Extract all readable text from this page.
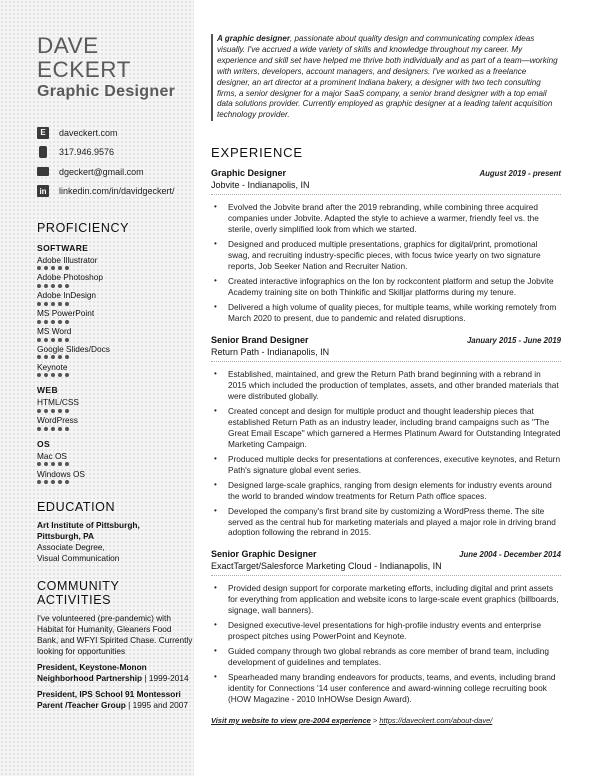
DAVE ECKERT
Graphic Designer
E	daveckert.com
317.946.9576
dgeckert@gmail.com
in linkedin.com/in/davidgeckert/
PROFICIENCY
SOFTWARE
Adobe Illustrator
Adobe Photoshop
Adobe InDesign
MS PowerPoint
MS Word
Google Slides/Docs
Keynote
WEB
HTML/CSS
WordPress
OS
Mac OS
Windows OS
EDUCATION
Art Institute of Pittsburgh,
Pittsburgh, PA
Associate Degree,
Visual Communication
COMMUNITY ACTIVITIES
I've volunteered (pre-pandemic) with Habitat for Humanity, Gleaners Food Bank, and WFYI Spirited Chase. Currently looking for opportunities
President, Keystone-Monon
Neighborhood Partnership | 1999-2014
President, IPS School 91 Montessori
Parent /Teacher Group | 1995 and 2007
A graphic designer, passionate about quality design and communicating complex ideas visually. I've accrued a wide variety of skills and knowledge throughout my career. My experience and skill set have helped me thrive both individually and as part of a team—working with writers, developers, account managers, and designers. I've worked as a freelance designer, an art director at a prominent Indiana bakery, a designer with two tech consulting firms, a senior designer for a major SaaS company, a senior brand designer with a top email data solutions provider. Currently employed as graphic designer at a leading talent acquisition technology provider.
EXPERIENCE
Graphic Designer	August 2019 - present
Jobvite - Indianapolis, IN
• Evolved the Jobvite brand after the 2019 rebranding, while combining three acquired companies under Jobvite. Adapted the style to achieve a warmer, friendly feel vs. the sterile, overly simplified look from which we started.
• Designed and produced multiple presentations, graphics for digital/print, promotional swag, and recruiting industry-specific pieces, with focus twice yearly on two signature reports, Job Seeker Nation and Recruiter Nation.
• Created interactive infographics on the Ion by rockcontent platform and setup the Jobvite Academy training site on both Thinkific and Skilljar platforms during my tenure.
• Delivered a high volume of quality pieces, for multiple teams, while working remotely from March 2020 to present, due to pandemic and related disruptions.
Senior Brand Designer	January 2015 - June 2019
Return Path - Indianapolis, IN
• Established, maintained, and grew the Return Path brand beginning with a rebrand in 2015 which included the production of templates, assets, and other branded materials that were distributed globally.
• Created concept and design for multiple product and thought leadership pieces that established Return Path as an industry leader, including brand campaigns such as "The Great Email Escape" which garnered a Hermes Platinum Award for Outstanding Integrated Marketing Campaign.
• Produced multiple decks for presentations at conferences, executive keynotes, and Return Path's signature global event series.
• Designed large-scale graphics, ranging from design elements for industry events around the world to branded window treatments for Return Path office spaces.
• Developed the company's first brand site by customizing a WordPress theme. The site served as the central hub for marketing materials and played a major role in driving brand adoption following the rebrand in 2015.
Senior Graphic Designer	June 2004 - December 2014
ExactTarget/Salesforce Marketing Cloud - Indianapolis, IN
• Provided design support for corporate marketing efforts, including digital and print assets for everything from application and website icons to large-scale event graphics (billboards, signage, wall banners).
• Designed executive-level presentations for high-profile industry events and enterprise prospect pitches using PowerPoint and Keynote.
• Guided company through two global rebrands as core member of brand team, including development of guidelines and templates.
• Spearheaded many branding endeavors for products, teams, and events, including brand identity for Connections '14 user conference and award-winning college recruiting book (HOW Magazine - 2010 InHOWse Design Award).
Visit my website to view pre-2004 experience > https://daveckert.com/about-dave/
